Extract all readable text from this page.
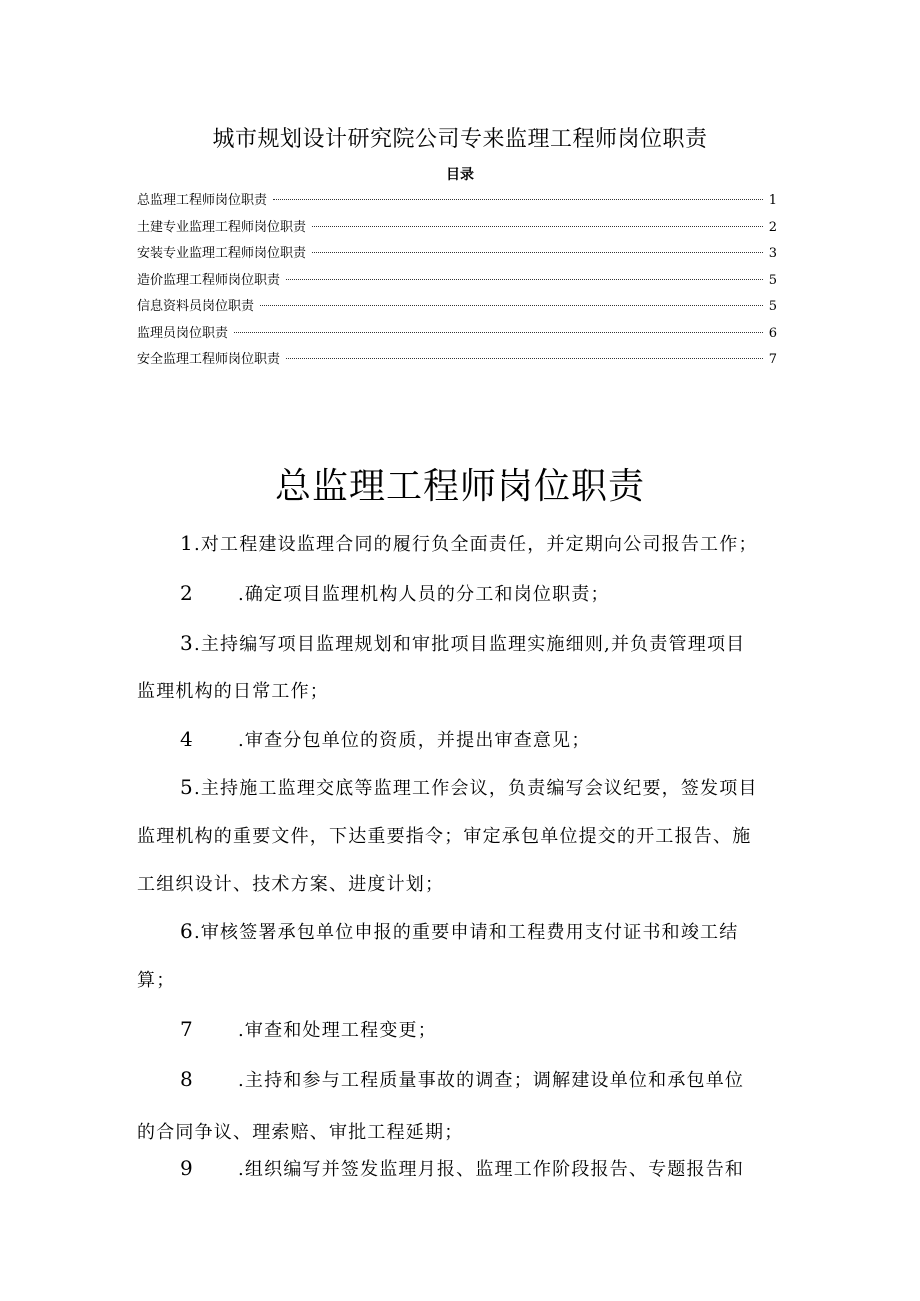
城市规划设计研究院公司专来监理工程师岗位职责
目录
总监理工程师岗位职责	1
土建专业监理工程师岗位职责	2
安装专业监理工程师岗位职责	3
造价监理工程师岗位职责	5
信息资料员岗位职责	5
监理员岗位职责	6
安全监理工程师岗位职责	7
总监理工程师岗位职责
1.对工程建设监理合同的履行负全面责任，并定期向公司报告工作；
2 .确定项目监理机构人员的分工和岗位职责；
3.主持编写项目监理规划和审批项目监理实施细则,并负责管理项目
监理机构的日常工作；
4 .审查分包单位的资质，并提出审查意见；
5.主持施工监理交底等监理工作会议，负责编写会议纪要，签发项目
监理机构的重要文件，下达重要指令；审定承包单位提交的开工报告、施
工组织设计、技术方案、进度计划；
6.审核签署承包单位申报的重要申请和工程费用支付证书和竣工结
算；
7 .审查和处理工程变更；
8 .主持和参与工程质量事故的调查；调解建设单位和承包单位
的合同争议、理索赔、审批工程延期；
9 .组织编写并签发监理月报、监理工作阶段报告、专题报告和
